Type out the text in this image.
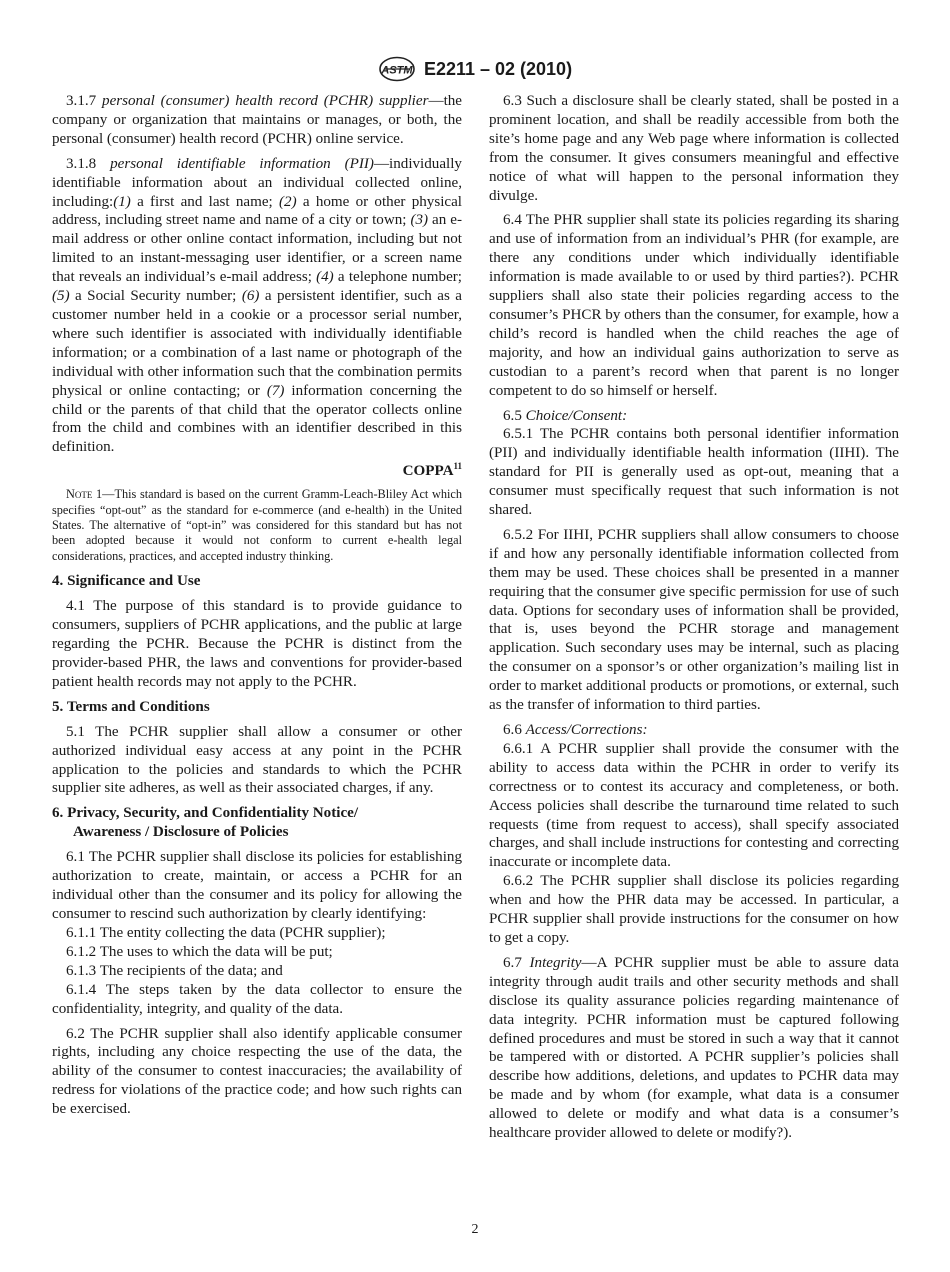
ASTM E2211 – 02 (2010)

3.1.7 personal (consumer) health record (PCHR) supplier—the company or organization that maintains or manages, or both, the personal (consumer) health record (PCHR) online service.

3.1.8 personal identifiable information (PII)—individually identifiable information about an individual collected online, including:(1) a first and last name; (2) a home or other physical address, including street name and name of a city or town; (3) an e-mail address or other online contact information, including but not limited to an instant-messaging user identifier, or a screen name that reveals an individual’s e-mail address; (4) a telephone number; (5) a Social Security number; (6) a persistent identifier, such as a customer number held in a cookie or a processor serial number, where such identifier is associated with individually identifiable information; or a combination of a last name or photograph of the individual with other information such that the combination permits physical or online contacting; or (7) information concerning the child or the parents of that child that the operator collects online from the child and combines with an identifier described in this definition.

COPPA$^{11}$
Note 1—This standard is based on the current Gramm-Leach-Bliley Act which specifies “opt-out” as the standard for e-commerce (and e-health) in the United States. The alternative of “opt-in” was considered for this standard but has not been adopted because it would not conform to current e-health legal considerations, practices, and accepted industry thinking.
4. Significance and Use

4.1 The purpose of this standard is to provide guidance to consumers, suppliers of PCHR applications, and the public at large regarding the PCHR. Because the PCHR is distinct from the provider-based PHR, the laws and conventions for provider-based patient health records may not apply to the PCHR.

5. Terms and Conditions

5.1 The PCHR supplier shall allow a consumer or other authorized individual easy access at any point in the PCHR application to the policies and standards to which the PCHR supplier site adheres, as well as their associated charges, if any.

6. Privacy, Security, and Confidentiality Notice/
Awareness / Disclosure of Policies

6.1 The PCHR supplier shall disclose its policies for establishing authorization to create, maintain, or access a PCHR for an individual other than the consumer and its policy for allowing the consumer to rescind such authorization by clearly identifying:

6.1.1 The entity collecting the data (PCHR supplier);

6.1.2 The uses to which the data will be put;

6.1.3 The recipients of the data; and

6.1.4 The steps taken by the data collector to ensure the confidentiality, integrity, and quality of the data.

6.2 The PCHR supplier shall also identify applicable consumer rights, including any choice respecting the use of the data, the ability of the consumer to contest inaccuracies; the availability of redress for violations of the practice code; and how such rights can be exercised.

6.3 Such a disclosure shall be clearly stated, shall be posted in a prominent location, and shall be readily accessible from both the site’s home page and any Web page where information is collected from the consumer. It gives consumers meaningful and effective notice of what will happen to the personal information they divulge.

6.4 The PHR supplier shall state its policies regarding its sharing and use of information from an individual’s PHR (for example, are there any conditions under which individually identifiable information is made available to or used by third parties?). PCHR suppliers shall also state their policies regarding access to the consumer’s PHCR by others than the consumer, for example, how a child’s record is handled when the child reaches the age of majority, and how an individual gains authorization to serve as custodian to a parent’s record when that parent is no longer competent to do so himself or herself.

6.5 Choice/Consent:

6.5.1 The PCHR contains both personal identifier information (PII) and individually identifiable health information (IIHI). The standard for PII is generally used as opt-out, meaning that a consumer must specifically request that such information is not shared.

6.5.2 For IIHI, PCHR suppliers shall allow consumers to choose if and how any personally identifiable information collected from them may be used. These choices shall be presented in a manner requiring that the consumer give specific permission for use of such data. Options for secondary uses of information shall be provided, that is, uses beyond the PCHR storage and management application. Such secondary uses may be internal, such as placing the consumer on a sponsor’s or other organization’s mailing list in order to market additional products or promotions, or external, such as the transfer of information to third parties.

6.6 Access/Corrections:

6.6.1 A PCHR supplier shall provide the consumer with the ability to access data within the PCHR in order to verify its correctness or to contest its accuracy and completeness, or both. Access policies shall describe the turnaround time related to such requests (time from request to access), shall specify associated charges, and shall include instructions for contesting and correcting inaccurate or incomplete data.

6.6.2 The PCHR supplier shall disclose its policies regarding when and how the PHR data may be accessed. In particular, a PCHR supplier shall provide instructions for the consumer on how to get a copy.

6.7 Integrity—A PCHR supplier must be able to assure data integrity through audit trails and other security methods and shall disclose its quality assurance policies regarding maintenance of data integrity. PCHR information must be captured following defined procedures and must be stored in such a way that it cannot be tampered with or distorted. A PCHR supplier’s policies shall describe how additions, deletions, and updates to PCHR data may be made and by whom (for example, what data is a consumer allowed to delete or modify and what data is a consumer’s healthcare provider allowed to delete or modify?).

2
